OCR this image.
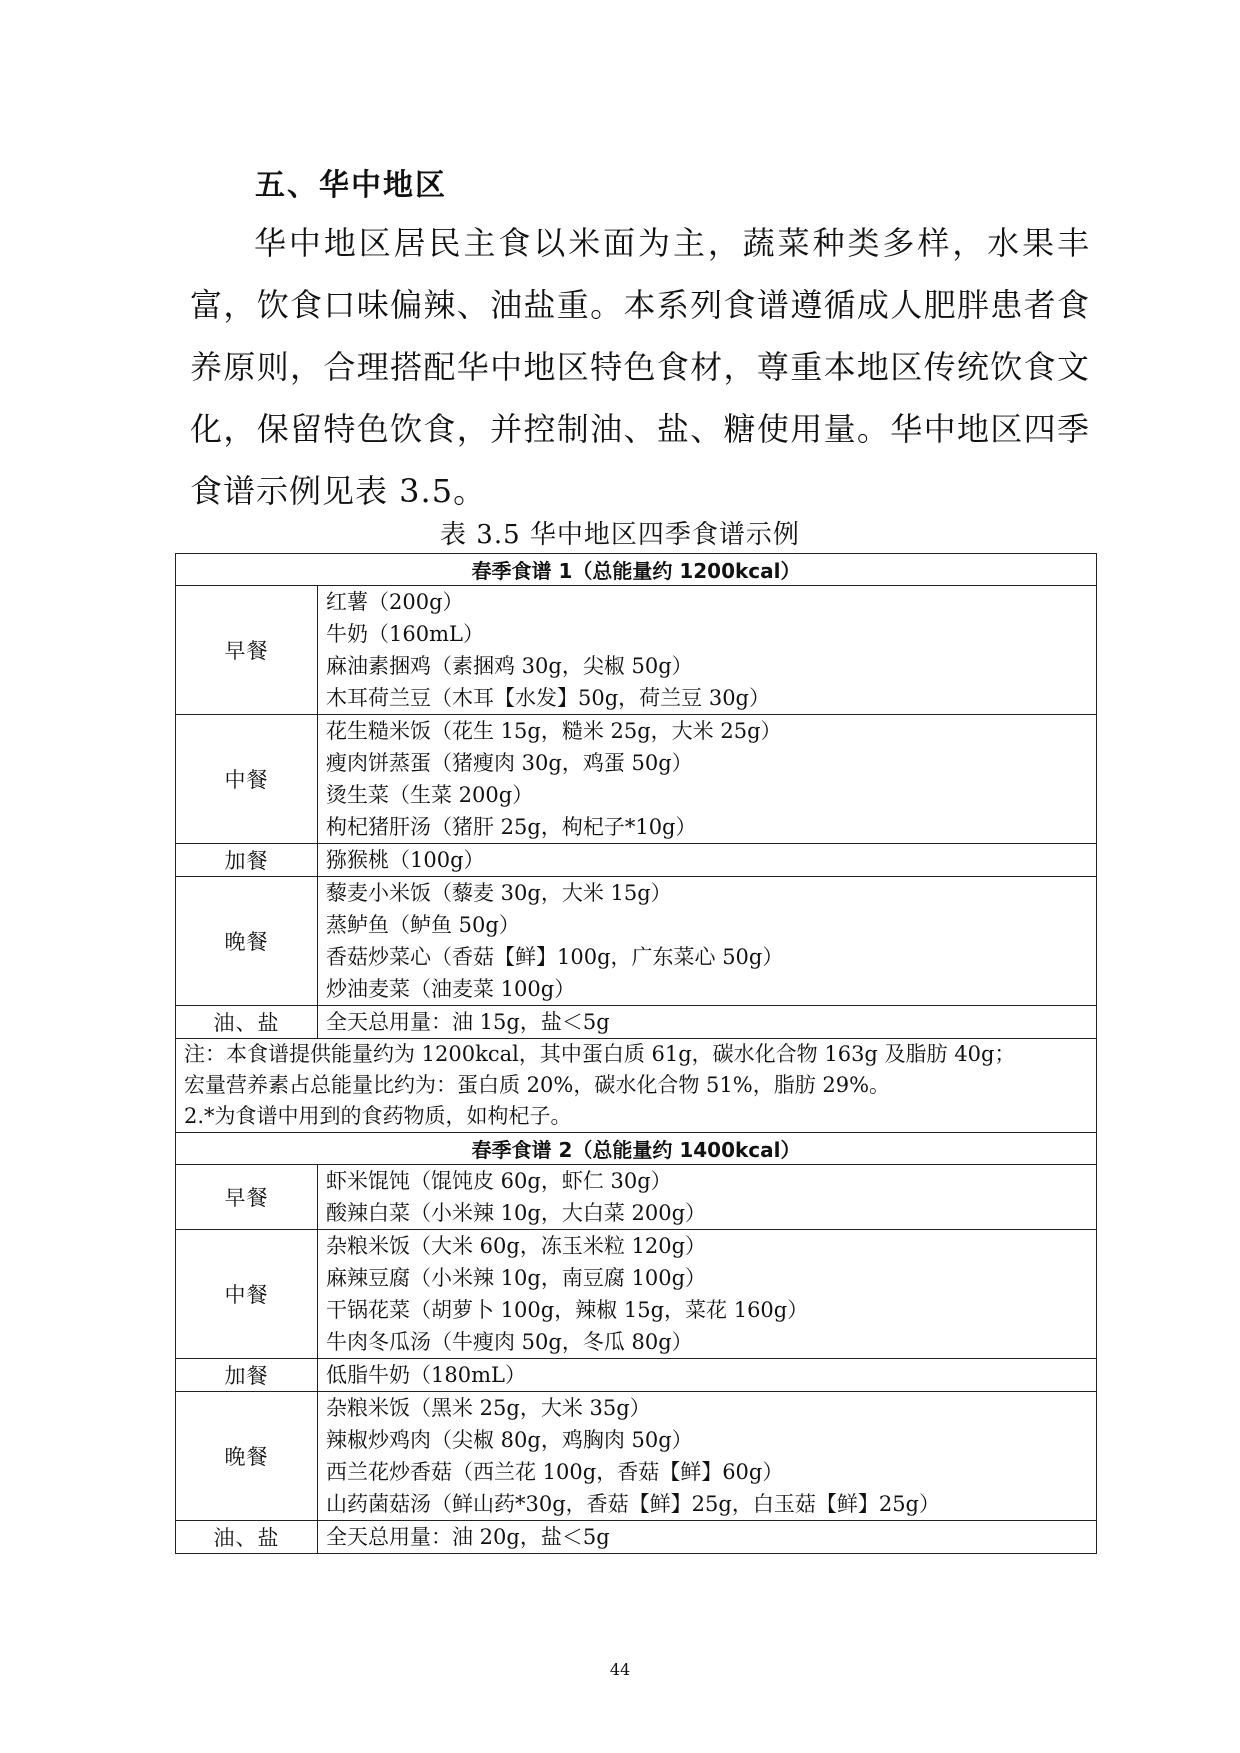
五、华中地区

华中地区居民主食以米面为主，蔬菜种类多样，水果丰富，饮食口味偏辣、油盐重。本系列食谱遵循成人肥胖患者食养原则，合理搭配华中地区特色食材，尊重本地区传统饮食文化，保留特色饮食，并控制油、盐、糖使用量。华中地区四季食谱示例见表 3.5。

表 3.5 华中地区四季食谱示例
春季食谱 1（总能量约 1200kcal）	
早餐	红薯（200g）
牛奶（160mL）
麻油素捆鸡（素捆鸡 30g，尖椒 50g）
木耳荷兰豆（木耳【水发】50g，荷兰豆 30g）

中餐	花生糙米饭（花生 15g，糙米 25g，大米 25g）
瘦肉饼蒸蛋（猪瘦肉 30g，鸡蛋 50g）
烫生菜（生菜 200g）
枸杞猪肝汤（猪肝 25g，枸杞子*10g）

加餐	猕猴桃（100g）

晚餐	藜麦小米饭（藜麦 30g，大米 15g）
蒸鲈鱼（鲈鱼 50g）
香菇炒菜心（香菇【鲜】100g，广东菜心 50g）
炒油麦菜（油麦菜 100g）

油、盐	全天总用量：油 15g，盐＜5g

注：本食谱提供能量约为 1200kcal，其中蛋白质 61g，碳水化合物 163g 及脂肪 40g；
宏量营养素占总能量比约为：蛋白质 20%，碳水化合物 51%，脂肪 29%。
2.*为食谱中用到的食药物质，如枸杞子。	

春季食谱 2（总能量约 1400kcal）	
早餐	虾米馄饨（馄饨皮 60g，虾仁 30g）
酸辣白菜（小米辣 10g，大白菜 200g）

中餐	杂粮米饭（大米 60g，冻玉米粒 120g）
麻辣豆腐（小米辣 10g，南豆腐 100g）
干锅花菜（胡萝卜 100g，辣椒 15g，菜花 160g）
牛肉冬瓜汤（牛瘦肉 50g，冬瓜 80g）

加餐	低脂牛奶（180mL）

晚餐	杂粮米饭（黑米 25g，大米 35g）
辣椒炒鸡肉（尖椒 80g，鸡胸肉 50g）
西兰花炒香菇（西兰花 100g，香菇【鲜】60g）
山药菌菇汤（鲜山药*30g，香菇【鲜】25g，白玉菇【鲜】25g）

油、盐	全天总用量：油 20g，盐＜5g
44
